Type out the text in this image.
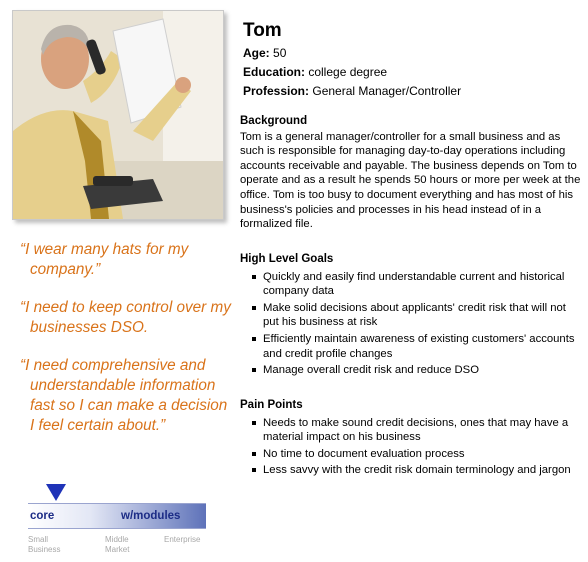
Tom
Age: 50
Education: college degree
Profession: General Manager/Controller
Background

Tom is a general manager/controller for a small business and as such is responsible for managing day-to-day operations including accounts receivable and payable. The business depends on Tom to operate and as a result he spends 50 hours or more per week at the office. Tom is too busy to document everything and has most of his business's policies and processes in his head instead of in a formalized file.

High Level Goals
Quickly and easily find understandable current and historical company data
Make solid decisions about applicants' credit risk that will not put his business at risk
Efficiently maintain awareness of existing customers' accounts and credit profile changes
Manage overall credit risk and reduce DSO
Pain Points
Needs to make sound credit decisions, ones that may have a material impact on his business
No time to document evaluation process
Less savvy with the credit risk domain terminology and jargon
“I wear many hats for my company.”
“I need to keep control over my businesses DSO.
“I need comprehensive and understandable information fast so I can make a decision I feel certain about.”
core	w/modules
Small
Business
Middle
Market
Enterprise
